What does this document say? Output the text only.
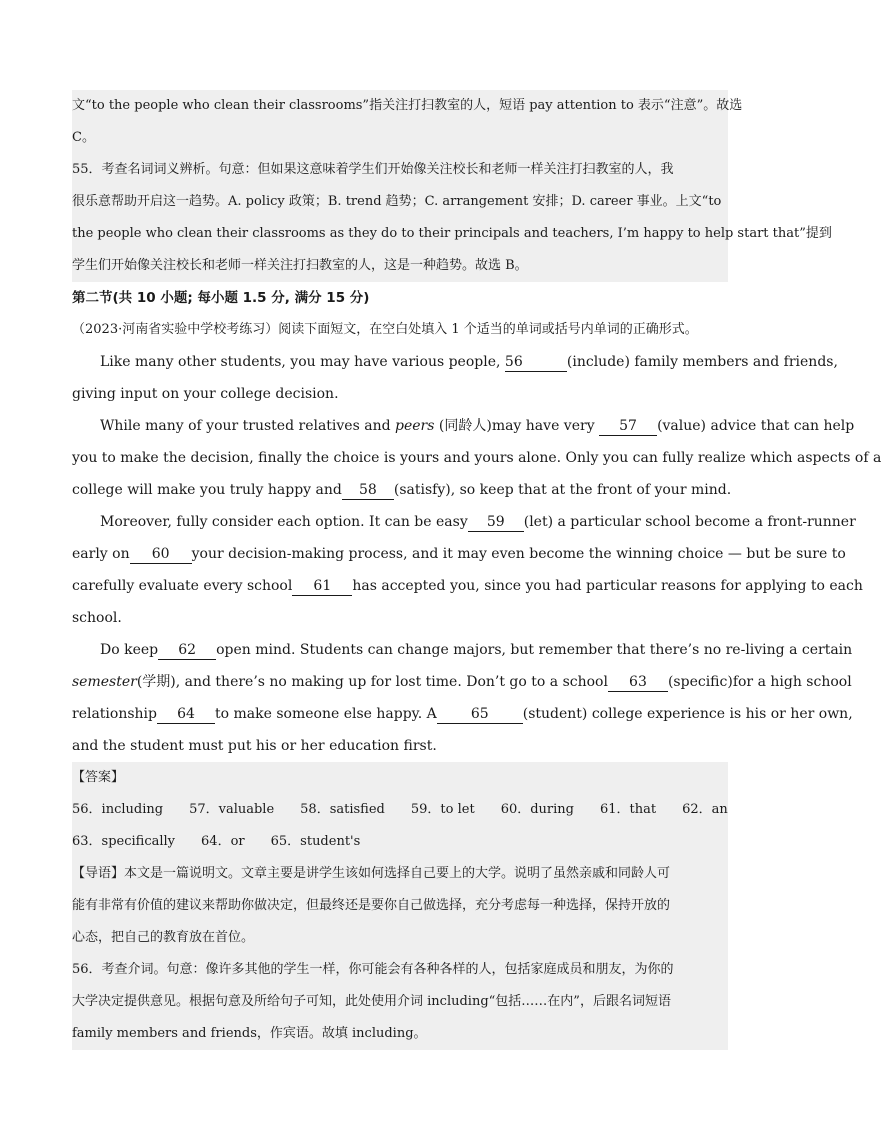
文“to the people who clean their classrooms”指关注打扫教室的人，短语 pay attention to 表示“注意”。故选
C。
55．考查名词词义辨析。句意：但如果这意味着学生们开始像关注校长和老师一样关注打扫教室的人，我
很乐意帮助开启这一趋势。A. policy 政策；B. trend 趋势；C. arrangement 安排；D. career 事业。上文“to
the people who clean their classrooms as they do to their principals and teachers, I’m happy to help start that”提到
学生们开始像关注校长和老师一样关注打扫教室的人，这是一种趋势。故选 B。
第二节(共 10 小题; 每小题 1.5 分, 满分 15 分)
（2023·河南省实验中学校考练习）阅读下面短文，在空白处填入 1 个适当的单词或括号内单词的正确形式。
Like many other students, you may have various people, 56	(include) family members and friends,
giving input on your college decision.
While many of your trusted relatives and peers (同龄人)may have very 57 (value) advice that can help
you to make the decision, finally the choice is yours and yours alone. Only you can fully realize which aspects of a
college will make you truly happy and 58 (satisfy), so keep that at the front of your mind.
Moreover, fully consider each option. It can be easy 59 (let) a particular school become a front-runner
early on 60 your decision-making process, and it may even become the winning choice — but be sure to
carefully evaluate every school 61 has accepted you, since you had particular reasons for applying to each
school.
Do keep 62 open mind. Students can change majors, but remember that there’s no re-living a certain
semester(学期), and there’s no making up for lost time. Don’t go to a school 63 (specific)for a high school
relationship 64 to make someone else happy. A 65 (student) college experience is his or her own,
and the student must put his or her education first.
【答案】
56．including 57．valuable 58．satisfied 59．to let 60．during 61．that 62．an
63．specifically 64．or 65．student's
【导语】本文是一篇说明文。文章主要是讲学生该如何选择自己要上的大学。说明了虽然亲戚和同龄人可
能有非常有价值的建议来帮助你做决定，但最终还是要你自己做选择，充分考虑每一种选择，保持开放的
心态，把自己的教育放在首位。
56．考查介词。句意：像许多其他的学生一样，你可能会有各种各样的人，包括家庭成员和朋友，为你的
大学决定提供意见。根据句意及所给句子可知，此处使用介词 including“包括……在内”，后跟名词短语
family members and friends，作宾语。故填 including。
